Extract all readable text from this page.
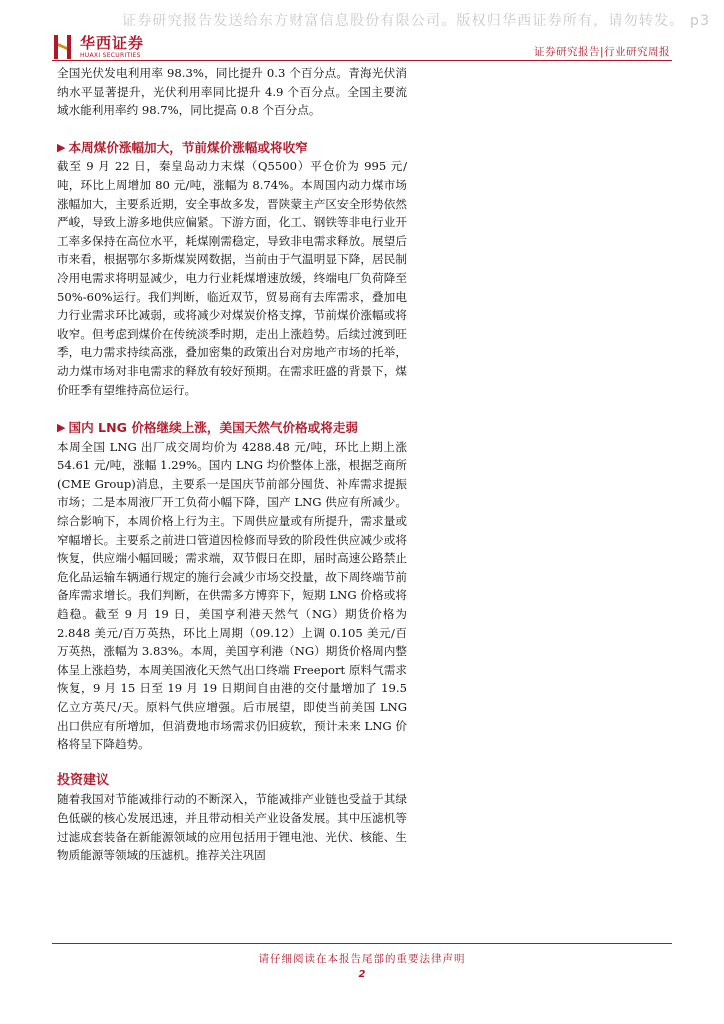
证券研究报告发送给东方财富信息股份有限公司。版权归华西证券所有，请勿转发。 p3
华西证券
HUAXI SECURITIES	证券研究报告|行业研究周报

全国光伏发电利用率 98.3%，同比提升 0.3 个百分点。青海光伏消纳水平显著提升，光伏利用率同比提升 4.9 个百分点。全国主要流域水能利用率约 98.7%，同比提高 0.8 个百分点。

▶ 本周煤价涨幅加大，节前煤价涨幅或将收窄

截至 9 月 22 日，秦皇岛动力末煤（Q5500）平仓价为 995 元/吨，环比上周增加 80 元/吨，涨幅为 8.74%。本周国内动力煤市场涨幅加大，主要系近期，安全事故多发，晋陕蒙主产区安全形势依然严峻，导致上游多地供应偏紧。下游方面，化工、钢铁等非电行业开工率多保持在高位水平，耗煤刚需稳定，导致非电需求释放。展望后市来看，根据鄂尔多斯煤炭网数据，当前由于气温明显下降，居民制冷用电需求将明显减少，电力行业耗煤增速放缓，终端电厂负荷降至 50%-60%运行。我们判断，临近双节，贸易商有去库需求，叠加电力行业需求环比减弱，或将减少对煤炭价格支撑，节前煤价涨幅或将收窄。但考虑到煤价在传统淡季时期，走出上涨趋势。后续过渡到旺季，电力需求持续高涨，叠加密集的政策出台对房地产市场的托举，动力煤市场对非电需求的释放有较好预期。在需求旺盛的背景下，煤价旺季有望维持高位运行。

▶ 国内 LNG 价格继续上涨，美国天然气价格或将走弱

本周全国 LNG 出厂成交周均价为 4288.48 元/吨，环比上期上涨 54.61 元/吨，涨幅 1.29%。国内 LNG 均价整体上涨，根据芝商所 (CME Group)消息，主要系一是国庆节前部分囤货、补库需求提振市场；二是本周液厂开工负荷小幅下降，国产 LNG 供应有所减少。综合影响下，本周价格上行为主。下周供应量或有所提升，需求量或窄幅增长。主要系之前进口管道因检修而导致的阶段性供应减少或将恢复，供应端小幅回暖；需求端，双节假日在即，届时高速公路禁止危化品运输车辆通行规定的施行会减少市场交投量，故下周终端节前备库需求增长。我们判断，在供需多方博弈下，短期 LNG 价格或将趋稳。截至 9 月 19 日，美国亨利港天然气（NG）期货价格为 2.848 美元/百万英热，环比上周期（09.12）上调 0.105 美元/百万英热，涨幅为 3.83%。本周，美国亨利港（NG）期货价格周内整体呈上涨趋势，本周美国液化天然气出口终端 Freeport 原料气需求恢复，9 月 15 日至 19 月 19 日期间自由港的交付量增加了 19.5 亿立方英尺/天。原料气供应增强。后市展望，即使当前美国 LNG 出口供应有所增加，但消费地市场需求仍旧疲软，预计未来 LNG 价格将呈下降趋势。

投资建议

随着我国对节能减排行动的不断深入，节能减排产业链也受益于其绿色低碳的核心发展迅速，并且带动相关产业设备发展。其中压滤机等过滤成套装备在新能源领域的应用包括用于锂电池、光伏、核能、生物质能源等领域的压滤机。推荐关注巩固

请仔细阅读在本报告尾部的重要法律声明
2
